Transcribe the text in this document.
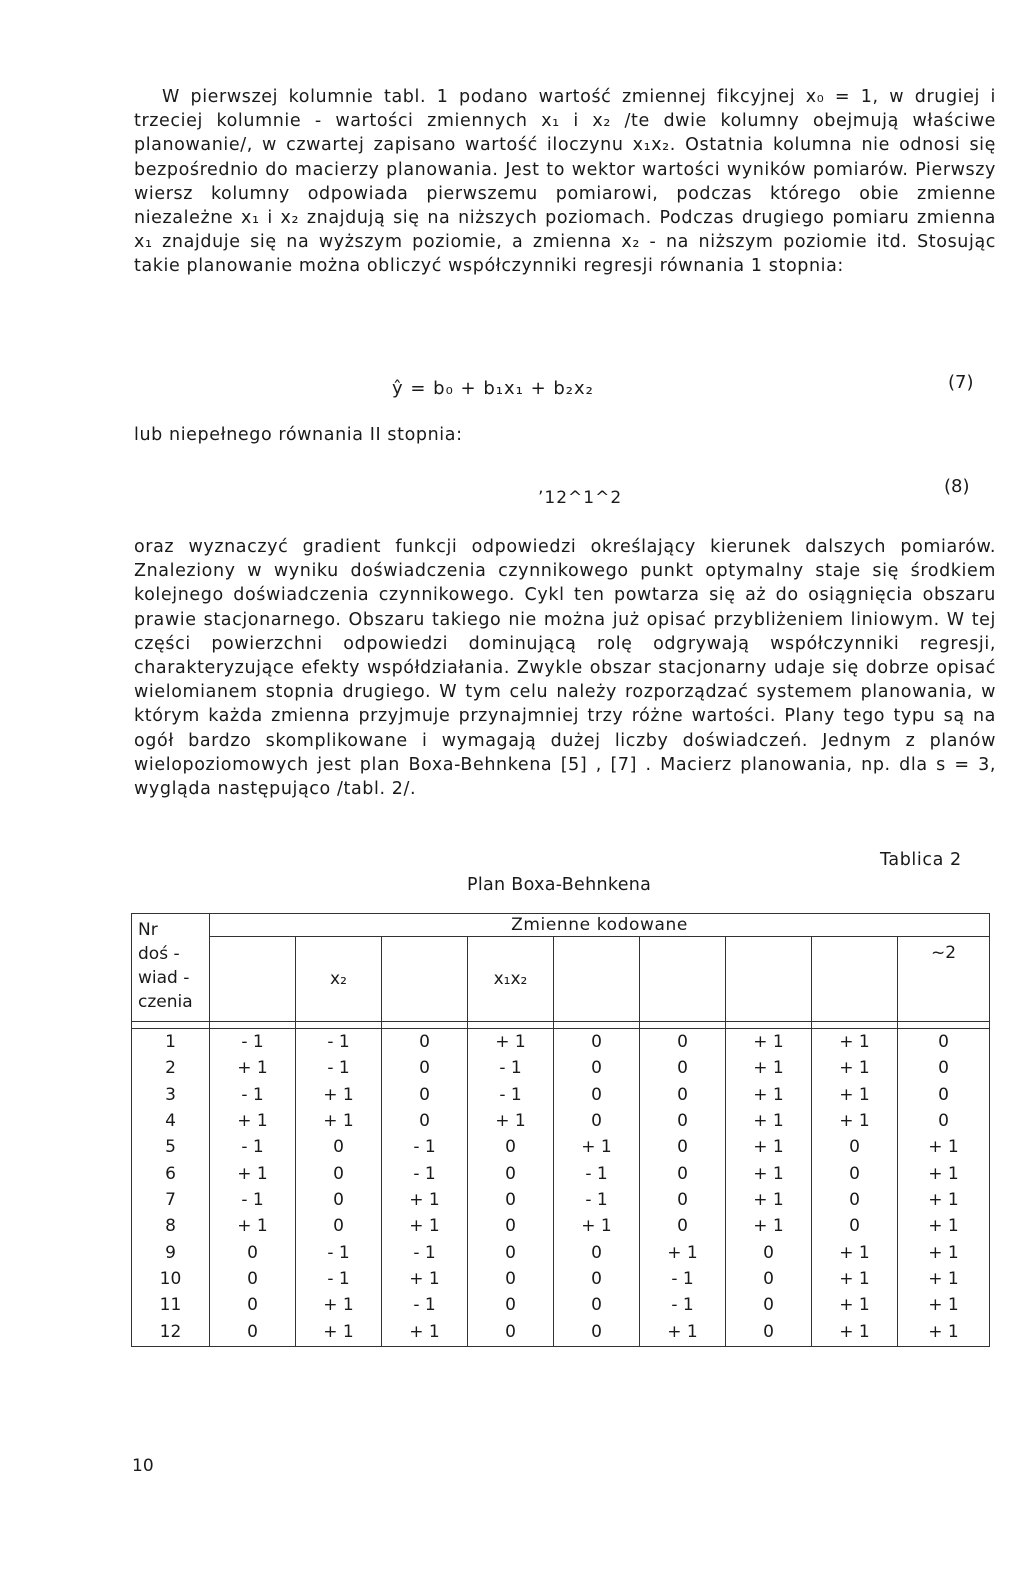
W pierwszej kolumnie tabl. 1 podano wartość zmiennej fikcyjnej x₀ = 1, w drugiej i trzeciej kolumnie - wartości zmiennych x₁ i x₂ /te dwie kolumny obejmują właściwe planowanie/, w czwartej zapisano wartość iloczynu x₁x₂. Ostatnia kolumna nie odnosi się bezpośrednio do macierzy planowania. Jest to wektor wartości wyników pomiarów. Pierwszy wiersz kolumny odpowiada pierwszemu pomiarowi, podczas którego obie zmienne niezależne x₁ i x₂ znajdują się na niższych poziomach. Podczas drugiego pomiaru zmienna x₁ znajduje się na wyższym poziomie, a zmienna x₂ - na niższym poziomie itd. Stosując takie planowanie można obliczyć współczynniki regresji równania 1 stopnia:

ŷ = b₀ + b₁x₁ + b₂x₂	(7)
lub niepełnego równania II stopnia:
ʼ12^1^2
(8)

oraz wyznaczyć gradient funkcji odpowiedzi określający kierunek dalszych pomiarów. Znaleziony w wyniku doświadczenia czynnikowego punkt optymalny staje się środkiem kolejnego doświadczenia czynnikowego. Cykl ten powtarza się aż do osiągnięcia obszaru prawie stacjonarnego. Obszaru takiego nie można już opisać przybliżeniem liniowym. W tej części powierzchni odpowiedzi dominującą rolę odgrywają współczynniki regresji, charakteryzujące efekty współdziałania. Zwykle obszar stacjonarny udaje się dobrze opisać wielomianem stopnia drugiego. W tym celu należy rozporządzać systemem planowania, w którym każda zmienna przyjmuje przynajmniej trzy różne wartości. Plany tego typu są na ogół bardzo skomplikowane i wymagają dużej liczby doświadczeń. Jednym z planów wielopoziomowych jest plan Boxa-Behnkena [5] , [7] . Macierz planowania, np. dla s = 3, wygląda następująco /tabl. 2/.

Tablica 2
Plan Boxa-Behnkena
Nr
doś -
wiad -
czenia	Zmienne kodowane								
		x₂		x₁x₂					~2

1	- 1	- 1	0	+ 1	0	0	+ 1	+ 1	0
2	+ 1	- 1	0	- 1	0	0	+ 1	+ 1	0
3	- 1	+ 1	0	- 1	0	0	+ 1	+ 1	0
4	+ 1	+ 1	0	+ 1	0	0	+ 1	+ 1	0
5	- 1	0	- 1	0	+ 1	0	+ 1	0	+ 1
6	+ 1	0	- 1	0	- 1	0	+ 1	0	+ 1
7	- 1	0	+ 1	0	- 1	0	+ 1	0	+ 1
8	+ 1	0	+ 1	0	+ 1	0	+ 1	0	+ 1
9	0	- 1	- 1	0	0	+ 1	0	+ 1	+ 1
10	0	- 1	+ 1	0	0	- 1	0	+ 1	+ 1
11	0	+ 1	- 1	0	0	- 1	0	+ 1	+ 1
12	0	+ 1	+ 1	0	0	+ 1	0	+ 1	+ 1
10
